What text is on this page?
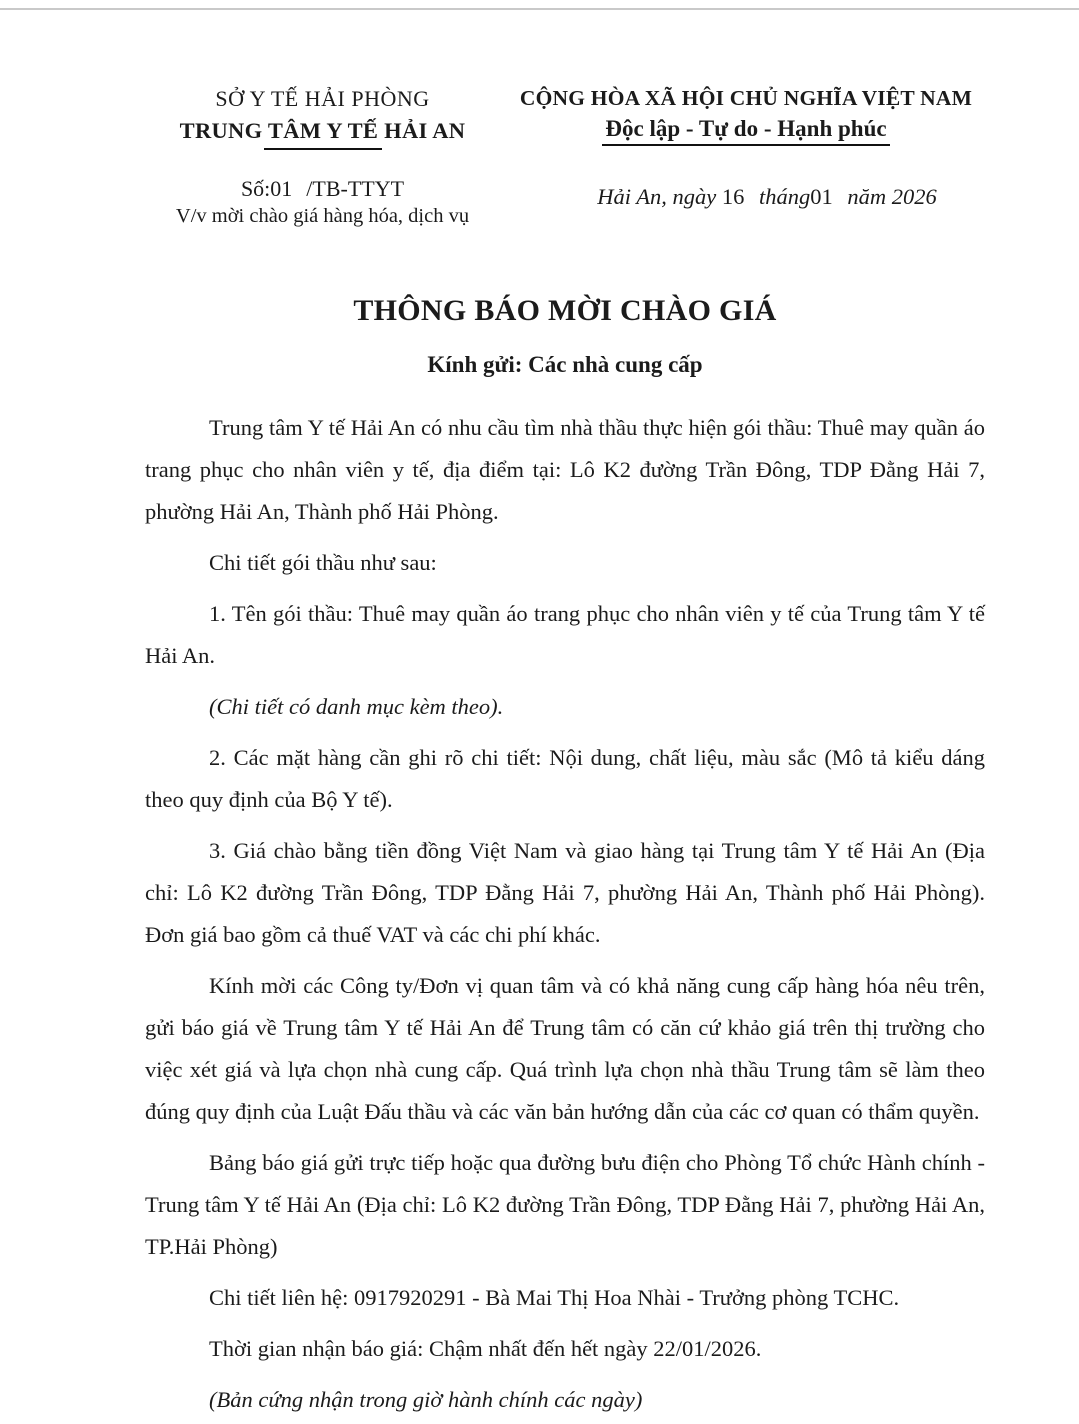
SỞ Y TẾ HẢI PHÒNG
TRUNG TÂM Y TẾ HẢI AN
Số:01 /TB-TTYT
V/v mời chào giá hàng hóa, dịch vụ
CỘNG HÒA XÃ HỘI CHỦ NGHĨA VIỆT NAM
Độc lập - Tự do - Hạnh phúc
Hải An, ngày 16 tháng01 năm 2026
THÔNG BÁO MỜI CHÀO GIÁ
Kính gửi: Các nhà cung cấp

Trung tâm Y tế Hải An có nhu cầu tìm nhà thầu thực hiện gói thầu: Thuê may quần áo trang phục cho nhân viên y tế, địa điểm tại: Lô K2 đường Trần Đông, TDP Đằng Hải 7, phường Hải An, Thành phố Hải Phòng.

Chi tiết gói thầu như sau:

1. Tên gói thầu: Thuê may quần áo trang phục cho nhân viên y tế của Trung tâm Y tế Hải An.

(Chi tiết có danh mục kèm theo).

2. Các mặt hàng cần ghi rõ chi tiết: Nội dung, chất liệu, màu sắc (Mô tả kiểu dáng theo quy định của Bộ Y tế).

3. Giá chào bằng tiền đồng Việt Nam và giao hàng tại Trung tâm Y tế Hải An (Địa chỉ: Lô K2 đường Trần Đông, TDP Đằng Hải 7, phường Hải An, Thành phố Hải Phòng). Đơn giá bao gồm cả thuế VAT và các chi phí khác.

Kính mời các Công ty/Đơn vị quan tâm và có khả năng cung cấp hàng hóa nêu trên, gửi báo giá về Trung tâm Y tế Hải An để Trung tâm có căn cứ khảo giá trên thị trường cho việc xét giá và lựa chọn nhà cung cấp. Quá trình lựa chọn nhà thầu Trung tâm sẽ làm theo đúng quy định của Luật Đấu thầu và các văn bản hướng dẫn của các cơ quan có thẩm quyền.

Bảng báo giá gửi trực tiếp hoặc qua đường bưu điện cho Phòng Tổ chức Hành chính - Trung tâm Y tế Hải An (Địa chỉ: Lô K2 đường Trần Đông, TDP Đằng Hải 7, phường Hải An, TP.Hải Phòng)

Chi tiết liên hệ: 0917920291 - Bà Mai Thị Hoa Nhài - Trưởng phòng TCHC.

Thời gian nhận báo giá: Chậm nhất đến hết ngày 22/01/2026.

(Bản cứng nhận trong giờ hành chính các ngày)
